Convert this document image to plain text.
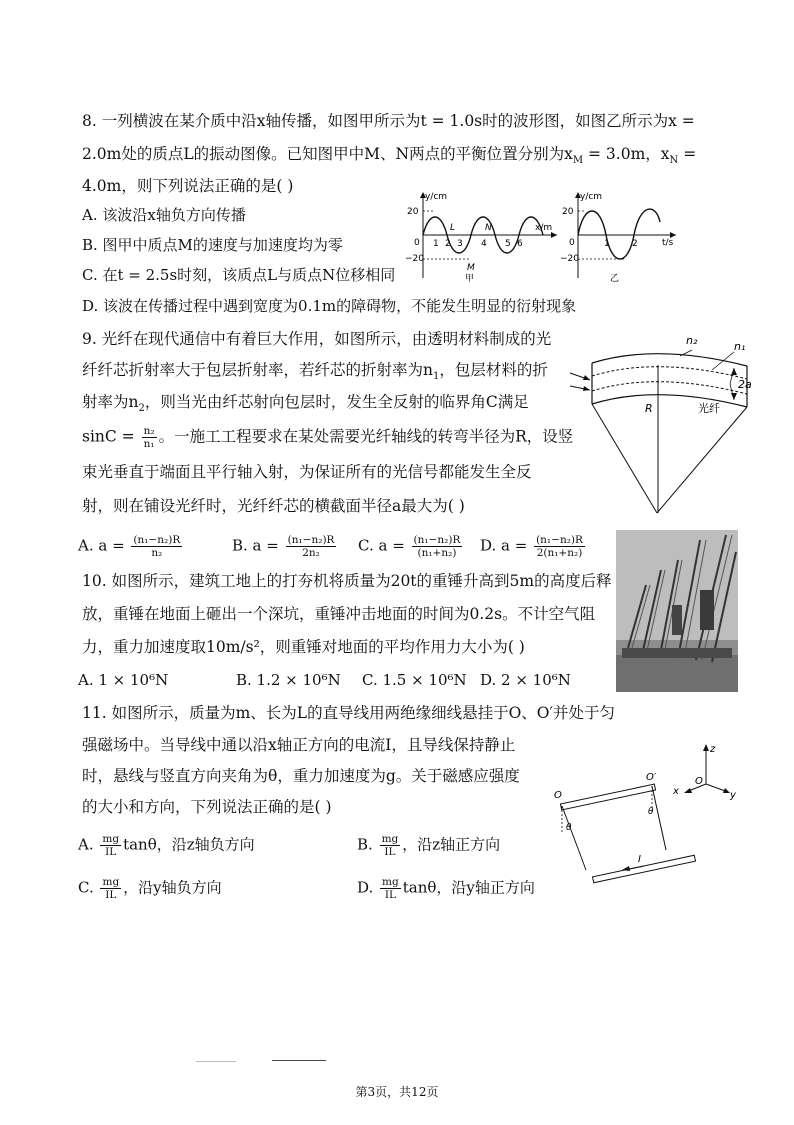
8. 一列横波在某介质中沿x轴传播，如图甲所示为t = 1.0s时的波形图，如图乙所示为x =
2.0m处的质点L的振动图像。已知图甲中M、N两点的平衡位置分别为$x_M = 3.0m$，$x_N$ =
4.0m，则下列说法正确的是( )
A. 该波沿x轴负方向传播
B. 图甲中质点M的速度与加速度均为零
C. 在t = 2.5s时刻，该质点L与质点N位移相同
D. 该波在传播过程中遇到宽度为0.1m的障碍物，不能发生明显的衍射现象
y/cm
x/m
20
−20
0 1 2 3 4 5 6
L	N
M
甲
y/cm
t/s
20
−20
0	1 2
乙
9. 光纤在现代通信中有着巨大作用，如图所示，由透明材料制成的光
纤纤芯折射率大于包层折射率，若纤芯的折射率为$n_1$，包层材料的折
射率为$n_2$，则当光由纤芯射向包层时，发生全反射的临界角C满足
$\sin C = \frac{\text{n₂}}{\text{n₁}}$ 。一施工工程要求在某处需要光纤轴线的转弯半径为R，设竖
束光垂直于端面且平行轴入射，为保证所有的光信号都能发生全反
射，则在铺设光纤时，光纤纤芯的横截面半径a最大为( )
A. $a = \frac{\text{(n₁−n₂)R}}{\text{n₂}}$	B. $a = \frac{\text{(n₁−n₂)R}}{\text{2n₂}} C$. $a = \frac{\text{(n₁−n₂)R}}{\text{(n₁+n₂)}} D$. $a = \frac{\text{(n₁−n₂)R}}{\text{2(n₁+n₂)}}$
n₂	n₁
2a
R	光纤
10. 如图所示，建筑工地上的打夯机将质量为20t的重锤升高到5m的高度后释
放，重锤在地面上砸出一个深坑，重锤冲击地面的时间为0.2s。不计空气阻
力，重力加速度取10m/s²，则重锤对地面的平均作用力大小为( )
A. 1 × 10⁶N	B. 1.2 × 10⁶N C. 1.5 × 10⁶N D. 2 × 10⁶N
11. 如图所示，质量为m、长为L的直导线用两绝缘细线悬挂于O、O′并处于匀
强磁场中。当导线中通以沿x轴正方向的电流I，且导线保持静止
时，悬线与竖直方向夹角为θ，重力加速度为g。关于磁感应强度
的大小和方向，下列说法正确的是( )
A. $\frac{mg}{IL}$ tanθ，沿z轴负方向	B. $\frac{mg}{IL}$ ，沿z轴正方向
C. $\frac{mg}{IL}$ ，沿y轴负方向	D. $\frac{mg}{IL}$ tanθ，沿y轴正方向
z
x	y
O
O
O′
θ
θ
I
第3页，共12页
